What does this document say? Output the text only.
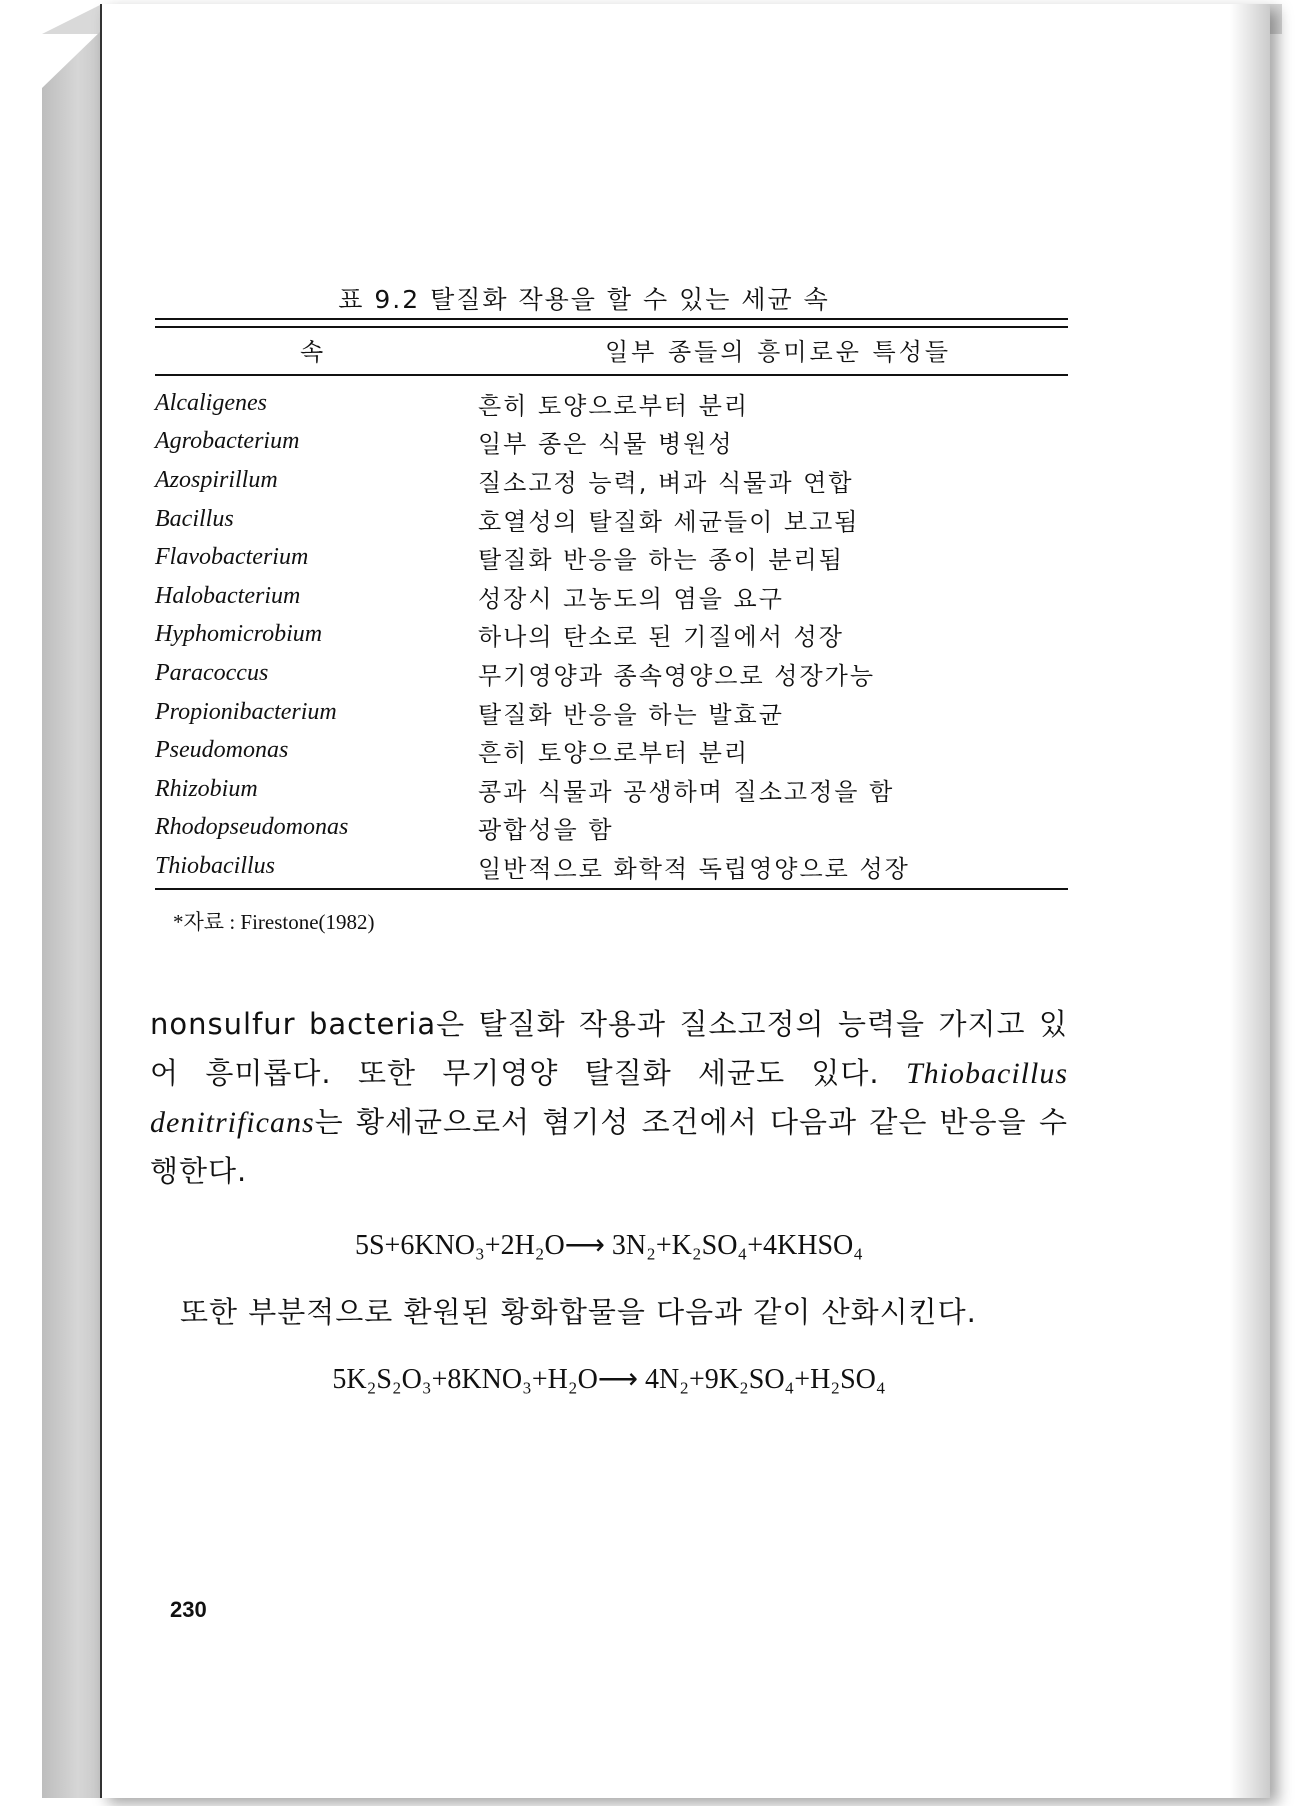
표 9.2 탈질화 작용을 할 수 있는 세균 속
속	일부 종들의 흥미로운 특성들
Alcaligenes	흔히 토양으로부터 분리
Agrobacterium	일부 종은 식물 병원성
Azospirillum	질소고정 능력, 벼과 식물과 연합
Bacillus	호열성의 탈질화 세균들이 보고됨
Flavobacterium	탈질화 반응을 하는 종이 분리됨
Halobacterium	성장시 고농도의 염을 요구
Hyphomicrobium	하나의 탄소로 된 기질에서 성장
Paracoccus	무기영양과 종속영양으로 성장가능
Propionibacterium	탈질화 반응을 하는 발효균
Pseudomonas	흔히 토양으로부터 분리
Rhizobium	콩과 식물과 공생하며 질소고정을 함
Rhodopseudomonas	광합성을 함
Thiobacillus	일반적으로 화학적 독립영양으로 성장
*자료 : Firestone(1982)
nonsulfur bacteria은 탈질화 작용과 질소고정의 능력을 가지고 있어 흥미롭다. 또한 무기영양 탈질화 세균도 있다. Thiobacillus denitrificans는 황세균으로서 혐기성 조건에서 다음과 같은 반응을 수행한다.
5S+6KNO₃+2H₂O⟶ 3N₂+K₂SO₄+4KHSO₄
또한 부분적으로 환원된 황화합물을 다음과 같이 산화시킨다.
5K₂S₂O₃+8KNO₃+H₂O⟶ 4N₂+9K₂SO₄+H₂SO₄
230
